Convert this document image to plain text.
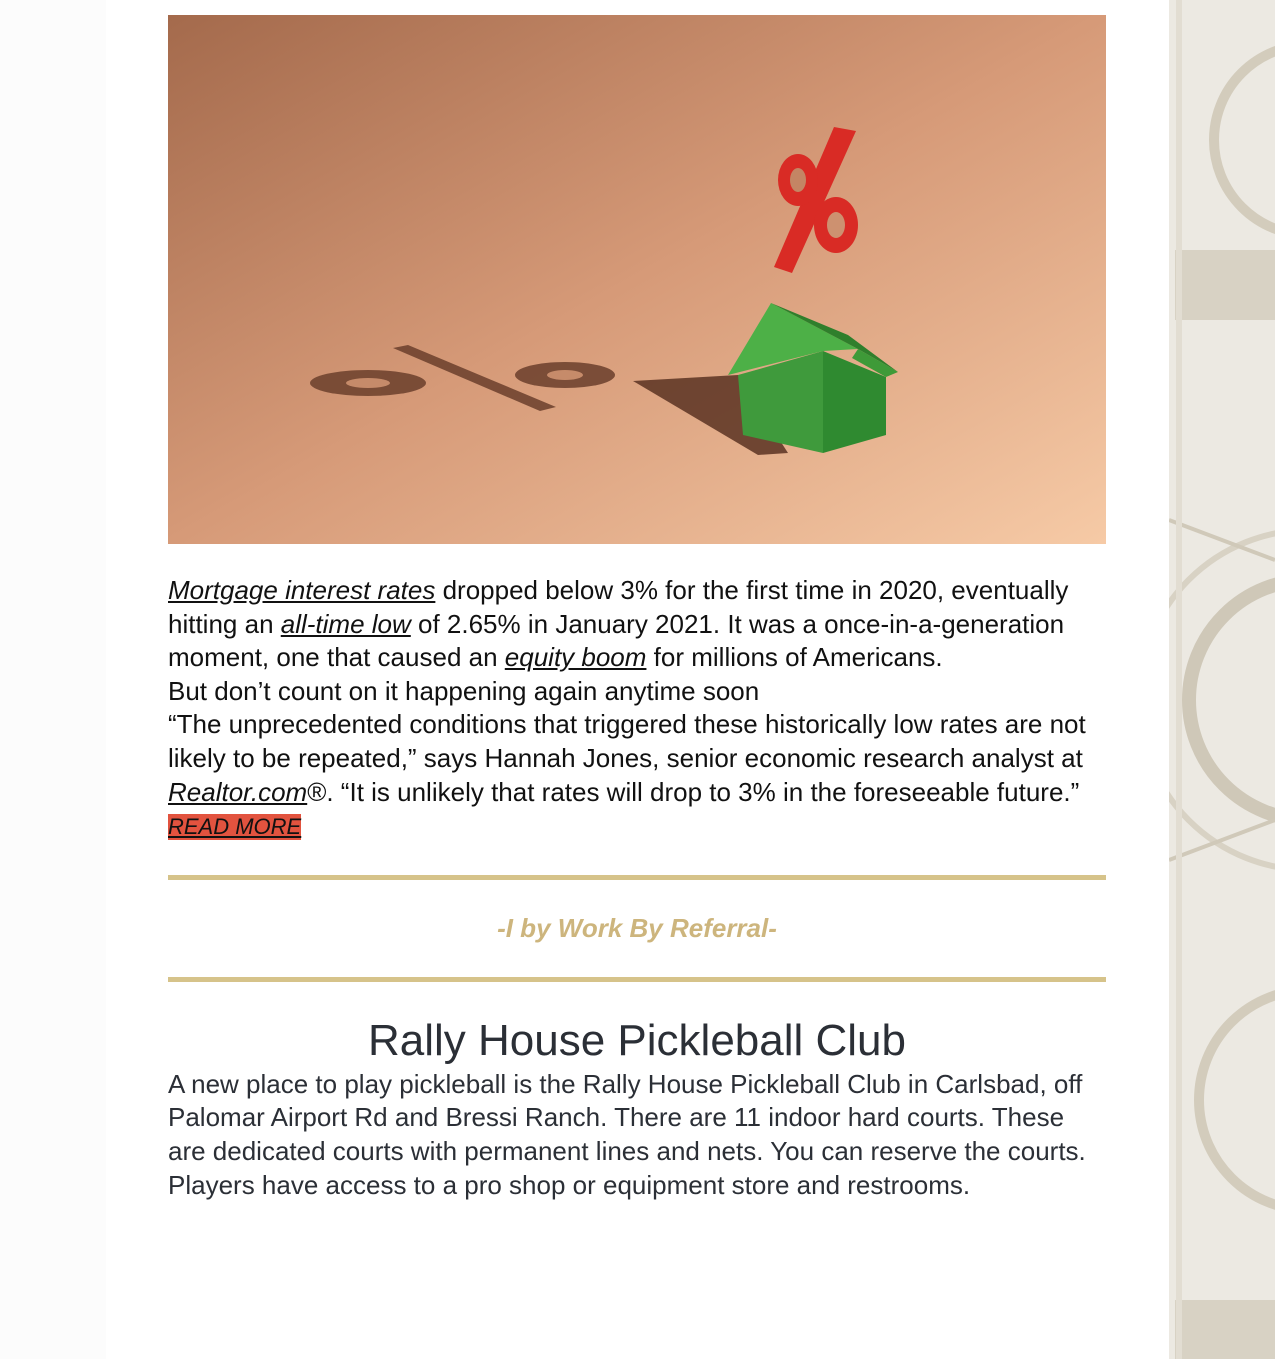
Mortgage interest rates dropped below 3% for the first time in 2020, eventually hitting an all-time low of 2.65% in January 2021. It was a once-in-a-generation moment, one that caused an equity boom for millions of Americans.

But don’t count on it happening again anytime soon

“The unprecedented conditions that triggered these historically low rates are not likely to be repeated,” says Hannah Jones, senior economic research analyst at Realtor.com®. “It is unlikely that rates will drop to 3% in the foreseeable future.”

READ MORE
-I by Work By Referral-
Rally House Pickleball Club

A new place to play pickleball is the Rally House Pickleball Club in Carlsbad, off Palomar Airport Rd and Bressi Ranch. There are 11 indoor hard courts. These are dedicated courts with permanent lines and nets. You can reserve the courts. Players have access to a pro shop or equipment store and restrooms.
